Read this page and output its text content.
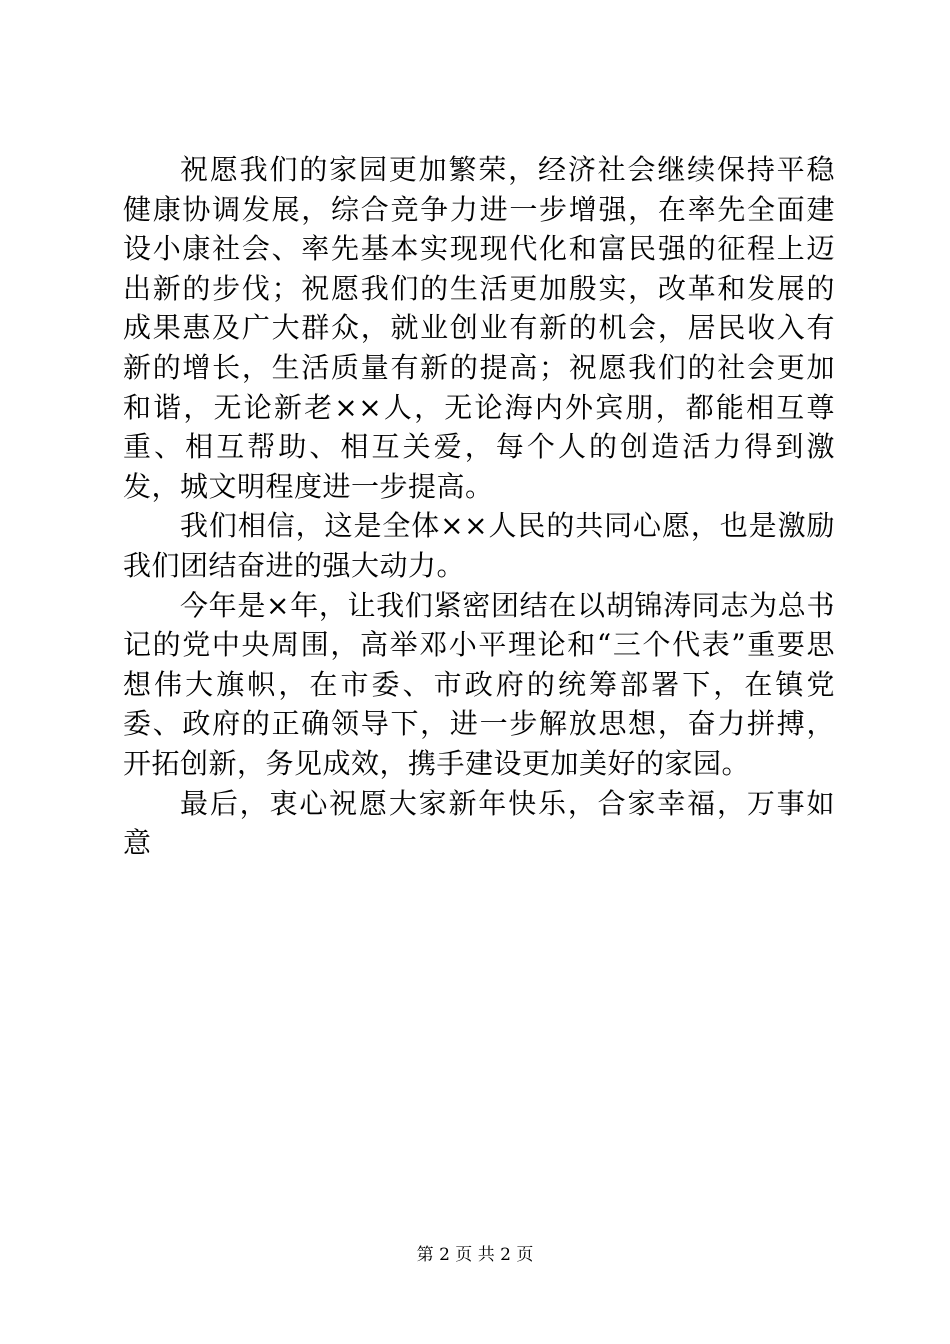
祝愿我们的家园更加繁荣，经济社会继续保持平稳健康协调发展，综合竞争力进一步增强，在率先全面建设小康社会、率先基本实现现代化和富民强的征程上迈出新的步伐；祝愿我们的生活更加殷实，改革和发展的成果惠及广大群众，就业创业有新的机会，居民收入有新的增长，生活质量有新的提高；祝愿我们的社会更加和谐，无论新老××人，无论海内外宾朋，都能相互尊重、相互帮助、相互关爱，每个人的创造活力得到激发，城文明程度进一步提高。

我们相信，这是全体××人民的共同心愿，也是激励我们团结奋进的强大动力。

今年是×年，让我们紧密团结在以胡锦涛同志为总书记的党中央周围，高举邓小平理论和“三个代表”重要思想伟大旗帜，在市委、市政府的统筹部署下，在镇党委、政府的正确领导下，进一步解放思想，奋力拼搏，开拓创新，务见成效，携手建设更加美好的家园。

最后，衷心祝愿大家新年快乐，合家幸福，万事如意

第 2 页 共 2 页
